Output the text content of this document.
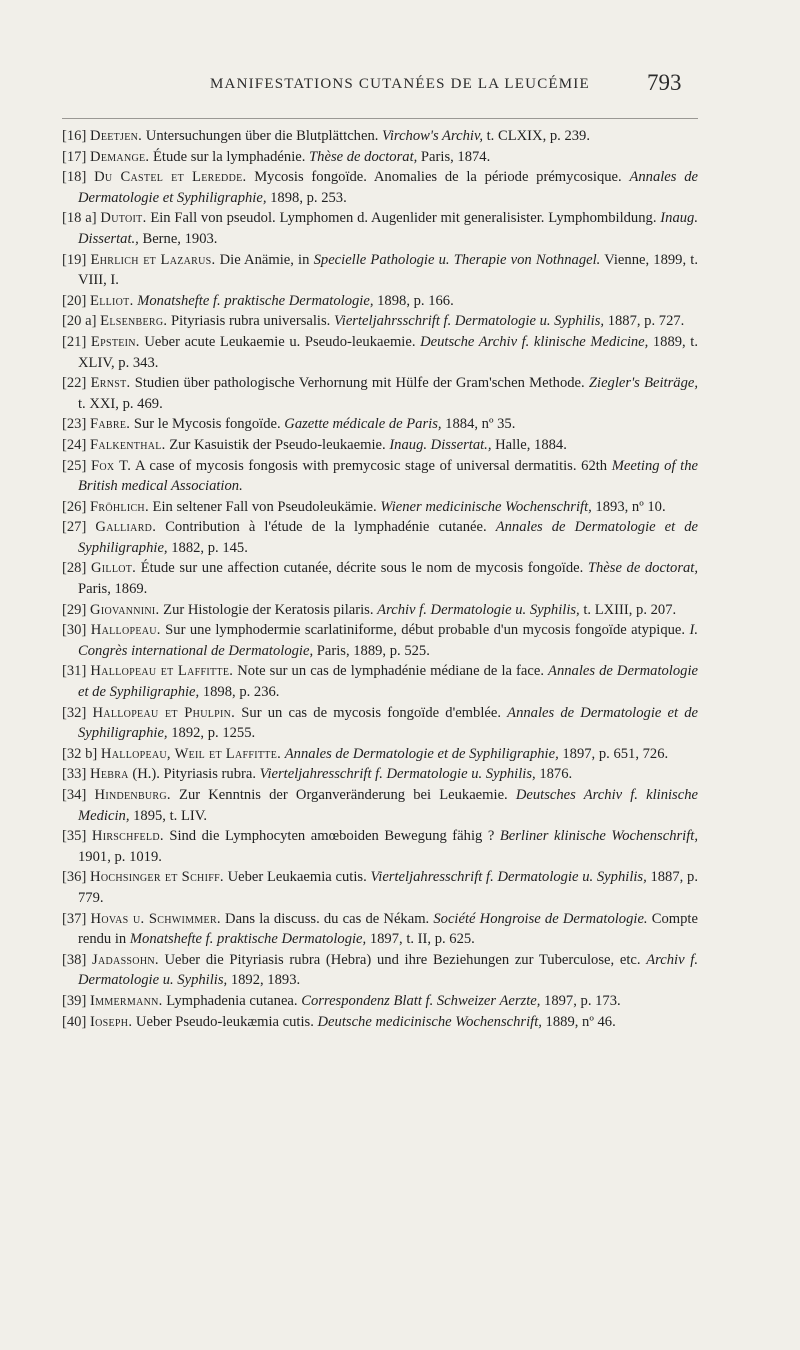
MANIFESTATIONS CUTANÉES DE LA LEUCÉMIE 793
[16] Deetjen. Untersuchungen über die Blutplättchen. Virchow's Archiv, t. CLXIX, p. 239.
[17] Demange. Étude sur la lymphadénie. Thèse de doctorat, Paris, 1874.
[18] Du Castel et Leredde. Mycosis fongoïde. Anomalies de la période prémycosique. Annales de Dermatologie et Syphiligraphie, 1898, p. 253.
[18 a] Dutoit. Ein Fall von pseudol. Lymphomen d. Augenlider mit generalisister. Lymphombildung. Inaug. Dissertat., Berne, 1903.
[19] Ehrlich et Lazarus. Die Anämie, in Specielle Pathologie u. Therapie von Nothnagel. Vienne, 1899, t. VIII, I.
[20] Elliot. Monatshefte f. praktische Dermatologie, 1898, p. 166.
[20 a] Elsenberg. Pityriasis rubra universalis. Vierteljahrsschrift f. Dermatologie u. Syphilis, 1887, p. 727.
[21] Epstein. Ueber acute Leukaemie u. Pseudo-leukaemie. Deutsche Archiv f. klinische Medicine, 1889, t. XLIV, p. 343.
[22] Ernst. Studien über pathologische Verhornung mit Hülfe der Gram'schen Methode. Ziegler's Beiträge, t. XXI, p. 469.
[23] Fabre. Sur le Mycosis fongoïde. Gazette médicale de Paris, 1884, nº 35.
[24] Falkenthal. Zur Kasuistik der Pseudo-leukaemie. Inaug. Dissertat., Halle, 1884.
[25] Fox T. A case of mycosis fongosis with premycosic stage of universal dermatitis. 62th Meeting of the British medical Association.
[26] Fröhlich. Ein seltener Fall von Pseudoleukämie. Wiener medicinische Wochenschrift, 1893, nº 10.
[27] Galliard. Contribution à l'étude de la lymphadénie cutanée. Annales de Dermatologie et de Syphiligraphie, 1882, p. 145.
[28] Gillot. Étude sur une affection cutanée, décrite sous le nom de mycosis fongoïde. Thèse de doctorat, Paris, 1869.
[29] Giovannini. Zur Histologie der Keratosis pilaris. Archiv f. Dermatologie u. Syphilis, t. LXIII, p. 207.
[30] Hallopeau. Sur une lymphodermie scarlatiniforme, début probable d'un mycosis fongoïde atypique. I. Congrès international de Dermatologie, Paris, 1889, p. 525.
[31] Hallopeau et Laffitte. Note sur un cas de lymphadénie médiane de la face. Annales de Dermatologie et de Syphiligraphie, 1898, p. 236.
[32] Hallopeau et Phulpin. Sur un cas de mycosis fongoïde d'emblée. Annales de Dermatologie et de Syphiligraphie, 1892, p. 1255.
[32 b] Hallopeau, Weil et Laffitte. Annales de Dermatologie et de Syphiligraphie, 1897, p. 651, 726.
[33] Hebra (H.). Pityriasis rubra. Vierteljahresschrift f. Dermatologie u. Syphilis, 1876.
[34] Hindenburg. Zur Kenntnis der Organveränderung bei Leukaemie. Deutsches Archiv f. klinische Medicin, 1895, t. LIV.
[35] Hirschfeld. Sind die Lymphocyten amœboiden Bewegung fähig ? Berliner klinische Wochenschrift, 1901, p. 1019.
[36] Hochsinger et Schiff. Ueber Leukaemia cutis. Vierteljahresschrift f. Dermatologie u. Syphilis, 1887, p. 779.
[37] Hovas u. Schwimmer. Dans la discuss. du cas de Nékam. Société Hongroise de Dermatologie. Compte rendu in Monatshefte f. praktische Dermatologie, 1897, t. II, p. 625.
[38] Jadassohn. Ueber die Pityriasis rubra (Hebra) und ihre Beziehungen zur Tuberculose, etc. Archiv f. Dermatologie u. Syphilis, 1892, 1893.
[39] Immermann. Lymphadenia cutanea. Correspondenz Blatt f. Schweizer Aerzte, 1897, p. 173.
[40] Ioseph. Ueber Pseudo-leukæmia cutis. Deutsche medicinische Wochenschrift, 1889, nº 46.
